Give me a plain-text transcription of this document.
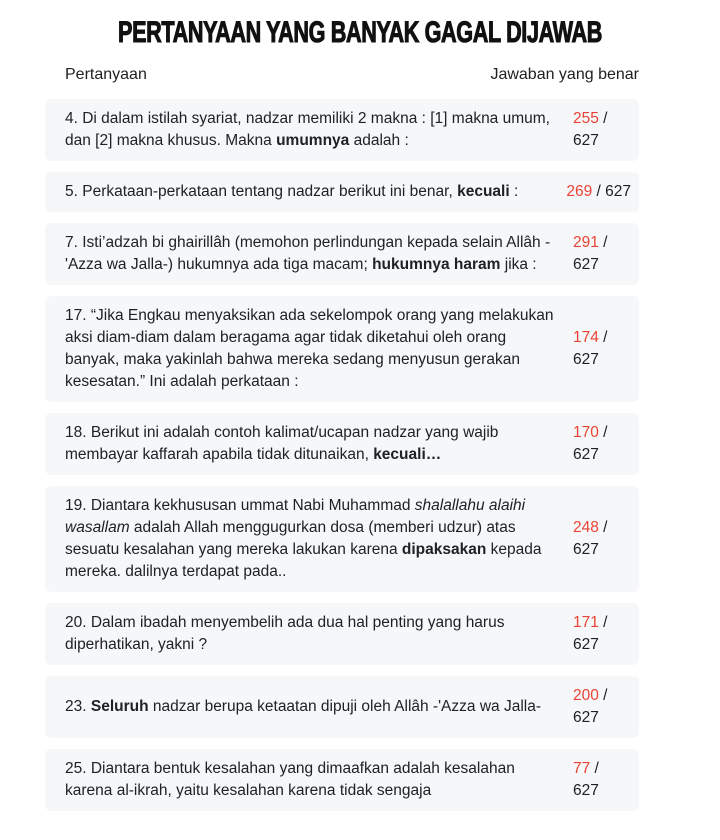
PERTANYAAN YANG BANYAK GAGAL DIJAWAB
Pertanyaan	Jawaban yang benar
4. Di dalam istilah syariat, nadzar memiliki 2 makna : [1] makna umum, dan [2] makna khusus. Makna umumnya adalah :
255 /
627
5. Perkataan-perkataan tentang nadzar berikut ini benar, kecuali :	269 / 627
7. Isti’adzah bi ghairillâh (memohon perlindungan kepada selain Allâh -'Azza wa Jalla-) hukumnya ada tiga macam; hukumnya haram jika :
291 /
627
17. “Jika Engkau menyaksikan ada sekelompok orang yang melakukan aksi diam-diam dalam beragama agar tidak diketahui oleh orang banyak, maka yakinlah bahwa mereka sedang menyusun gerakan kesesatan.” Ini adalah perkataan :
174 /
627
18. Berikut ini adalah contoh kalimat/ucapan nadzar yang wajib membayar kaffarah apabila tidak ditunaikan, kecuali…
170 /
627
19. Diantara kekhususan ummat Nabi Muhammad shalallahu alaihi wasallam adalah Allah menggugurkan dosa (memberi udzur) atas sesuatu kesalahan yang mereka lakukan karena dipaksakan kepada mereka. dalilnya terdapat pada..
248 /
627
20. Dalam ibadah menyembelih ada dua hal penting yang harus diperhatikan, yakni ?
171 /
627
23. Seluruh nadzar berupa ketaatan dipuji oleh Allâh -'Azza wa Jalla-
200 /
627
25. Diantara bentuk kesalahan yang dimaafkan adalah kesalahan karena al-ikrah, yaitu kesalahan karena tidak sengaja
77 /
627
